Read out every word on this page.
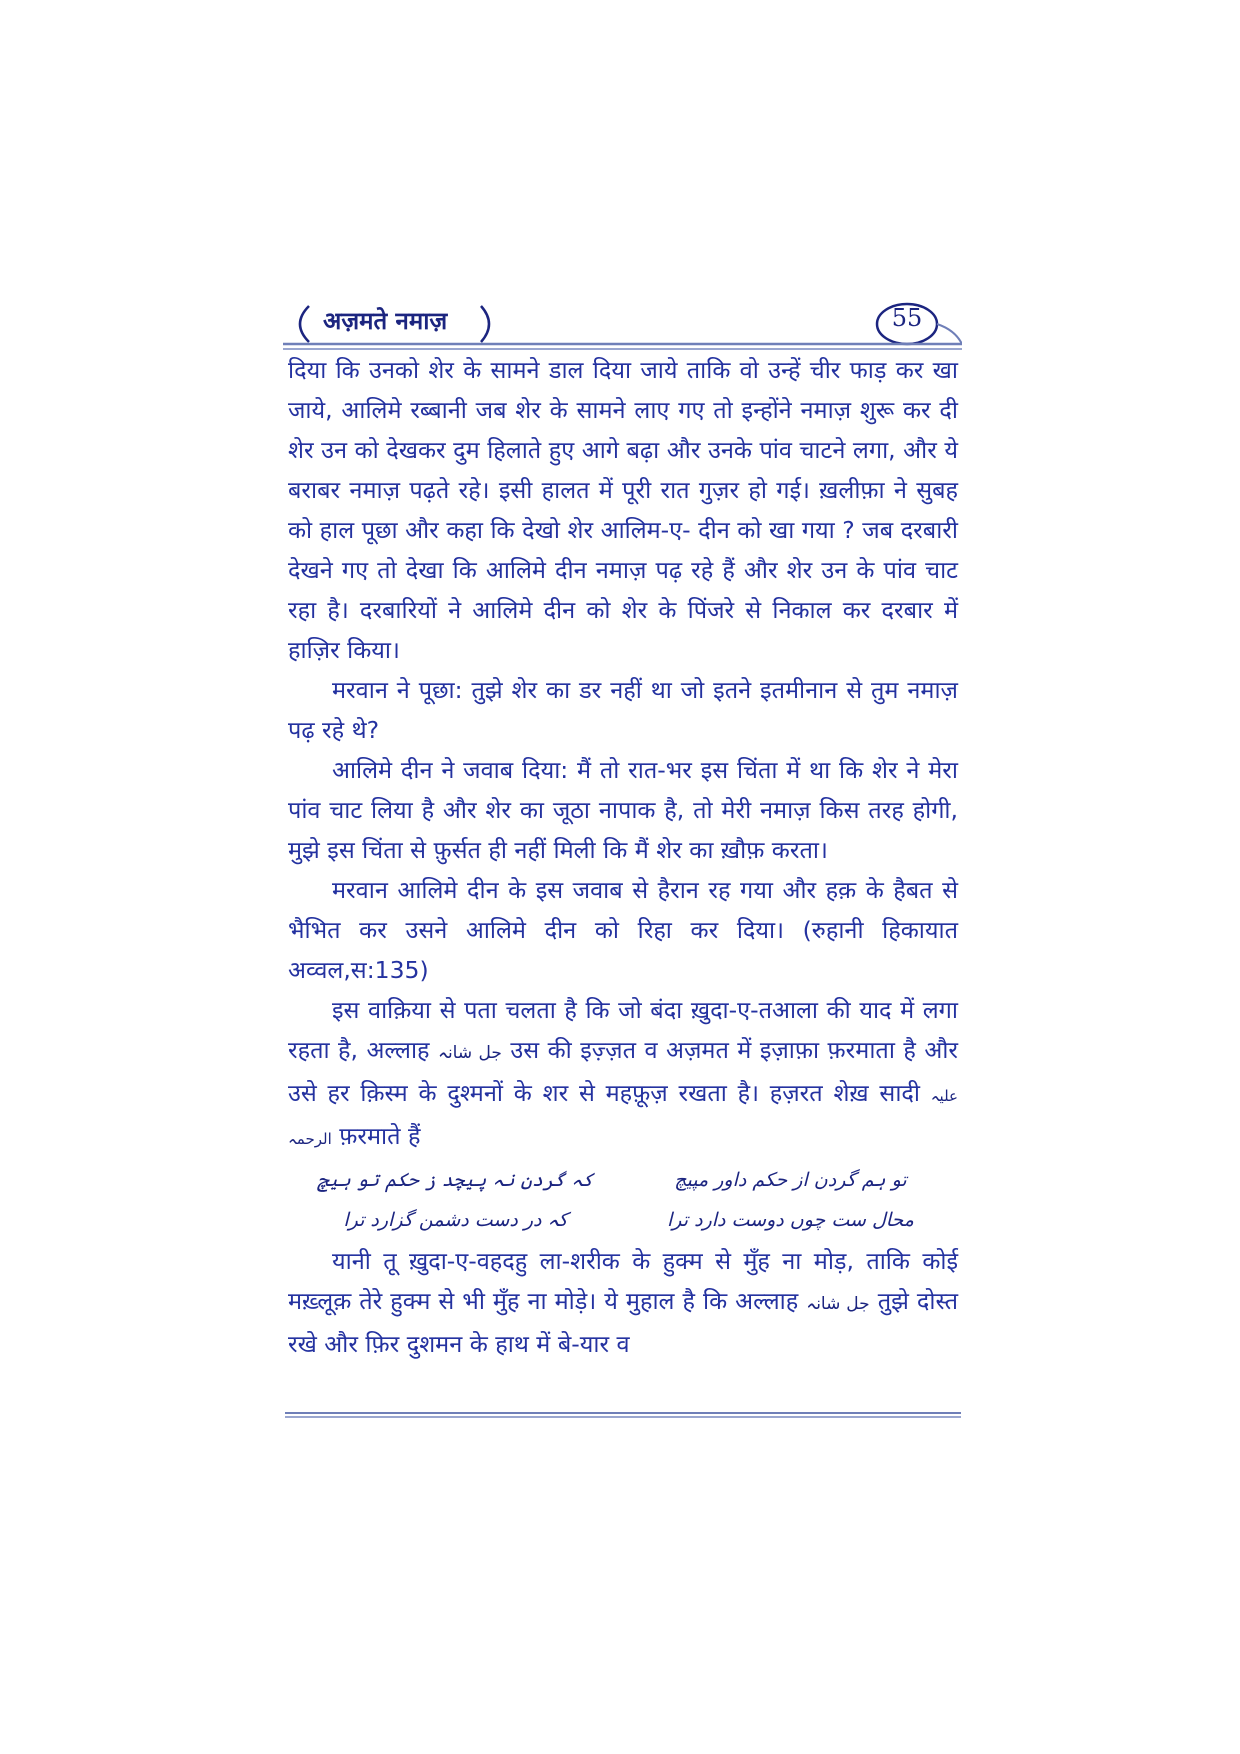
अज़मते नमाज़	55

दिया कि उनको शेर के सामने डाल दिया जाये ताकि वो उन्हें चीर फाड़ कर खा जाये, आलिमे रब्बानी जब शेर के सामने लाए गए तो इन्होंने नमाज़ शुरू कर दी शेर उन को देखकर दुम हिलाते हुए आगे बढ़ा और उनके पांव चाटने लगा, और ये बराबर नमाज़ पढ़ते रहे। इसी हालत में पूरी रात गुज़र हो गई। ख़लीफ़ा ने सुबह को हाल पूछा और कहा कि देखो शेर आलिम-ए- दीन को खा गया ? जब दरबारी देखने गए तो देखा कि आलिमे दीन नमाज़ पढ़ रहे हैं और शेर उन के पांव चाट रहा है। दरबारियों ने आलिमे दीन को शेर के पिंजरे से निकाल कर दरबार में हाज़िर किया।

मरवान ने पूछा: तुझे शेर का डर नहीं था जो इतने इतमीनान से तुम नमाज़ पढ़ रहे थे?

आलिमे दीन ने जवाब दिया: मैं तो रात-भर इस चिंता में था कि शेर ने मेरा पांव चाट लिया है और शेर का जूठा नापाक है, तो मेरी नमाज़ किस तरह होगी, मुझे इस चिंता से फ़ुर्सत ही नहीं मिली कि मैं शेर का ख़ौफ़ करता।

मरवान आलिमे दीन के इस जवाब से हैरान रह गया और हक़ के हैबत से भैभित कर उसने आलिमे दीन को रिहा कर दिया। (रुहानी हिकायात अव्वल,स:135)

इस वाक़िया से पता चलता है कि जो बंदा ख़ुदा-ए-तआला की याद में लगा रहता है, अल्लाह جل شانہ उस की इज़्ज़त व अज़मत में इज़ाफ़ा फ़रमाता है और उसे हर क़िस्म के दुश्मनों के शर से महफ़ूज़ रखता है। हज़रत शेख़ सादी علیہ الرحمہ फ़रमाते हैं

تو ہم گردن از حکم داور مپیچ
کہ گردن نہ پیچد ز حکم تو ہیچ
محال ست چوں دوست دارد ترا
کہ در دست دشمن گزارد ترا

यानी तू ख़ुदा-ए-वहदहु ला-शरीक के हुक्म से मुँह ना मोड़, ताकि कोई मख़्लूक़ तेरे हुक्म से भी मुँह ना मोड़े। ये मुहाल है कि अल्लाह جل شانہ तुझे दोस्त रखे और फ़िर दुशमन के हाथ में बे-यार व
